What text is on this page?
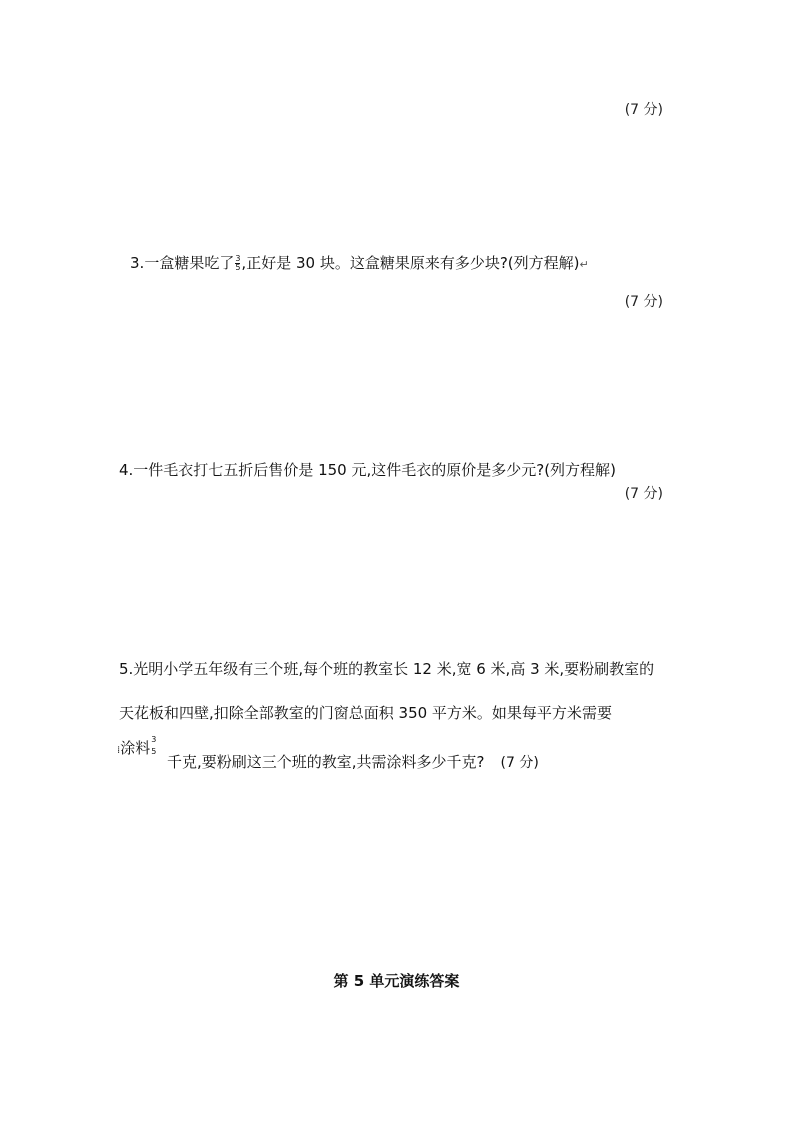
(7 分)
3.一盒糖果吃了 $\frac{3}{5}$ ,正好是 30 块。这盒糖果原来有多少块?(列方程解)↵
(7 分)
4.一件毛衣打七五折后售价是 150 元,这件毛衣的原价是多少元?(列方程解)
(7 分)
5.光明小学五年级有三个班,每个班的教室长 12 米,宽 6 米,高 3 米,要粉刷教室的
天花板和四壁,扣除全部教室的门窗总面积 350 平方米。如果每平方米需要
⁞涂料 3
5
千克,要粉刷这三个班的教室,共需涂料多少千克? (7 分)
第 5 单元演练答案
